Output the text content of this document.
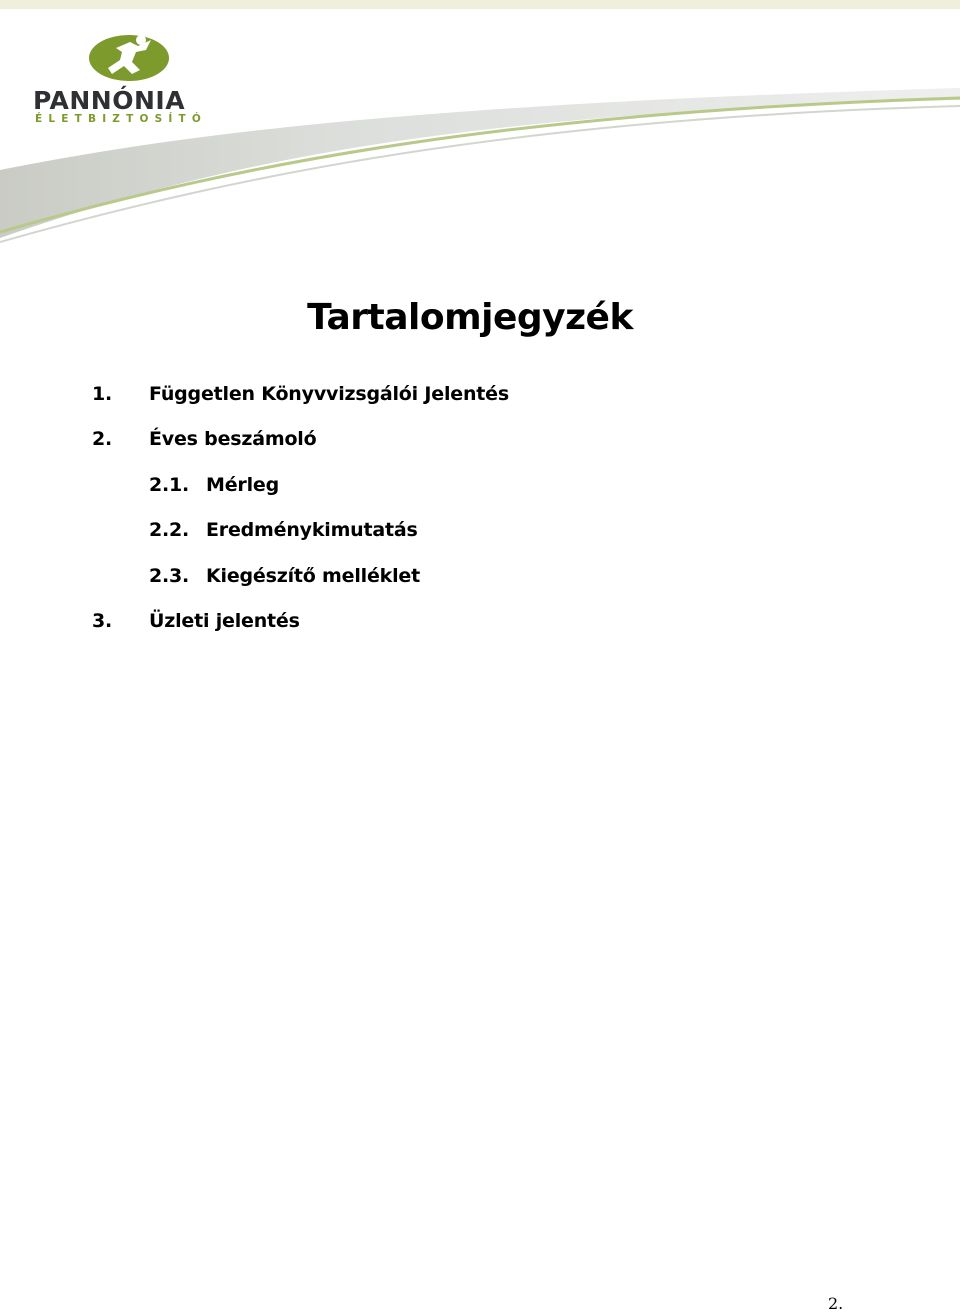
PANNÓNIA
ÉLETBIZTOSÍTÓ
Tartalomjegyzék
1. Független Könyvvizsgálói Jelentés
2. Éves beszámoló
2.1. Mérleg
2.2. Eredménykimutatás
2.3. Kiegészítő melléklet
3. Üzleti jelentés
2.
